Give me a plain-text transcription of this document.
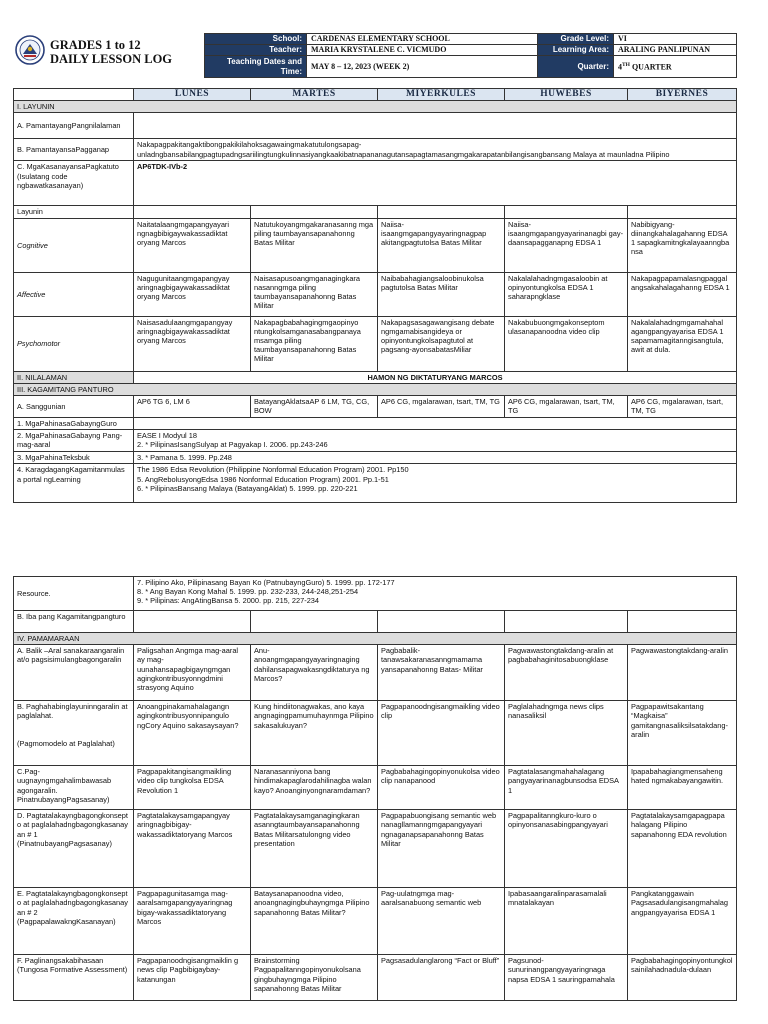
GRADES 1 to 12
DAILY LESSON LOG
School:	CARDENAS ELEMENTARY SCHOOL	Grade Level:	VI
Teacher:	MARIA KRYSTALENE C. VICMUDO	Learning Area:	ARALING PANLIPUNAN

Teaching Dates and
Time:	MAY 8 – 12, 2023 (WEEK 2)	Quarter:	4TH QUARTER
	LUNES	MARTES	MIYERKULES	HUWEBES	BIYERNES
I. LAYUNIN					
A. PamantayangPangnilalaman					
B. PamantayansaPagganap	Nakapagpakitangaktibongpakikilahoksagawaingmakatutulongsapag-unladngbansabilangpagtupadngsariilingtungkulinnasiyangkaakibatnapananagutansapagtamasangmgakarapatanbilangisangbansang Malaya at maunladna Pilipino				
C. MgaKasanayansaPagkatuto (Isulatang code ngbawatkasanayan)	AP6TDK-IVb-2				
Layunin					
Cognitive	Naitatalaangmgapangyayari ngnagbibigaywakassadiktat oryang Marcos	Natutukoyangmgakaranasanng mga piling taumbayansapanahonng Batas Militar	Naiisa-isaangmgapangyayaringnagpap akitangpagtutolsa Batas Militar	Naiisa-isaangmgapangyayarinanagbi gay-daansapagganapng EDSA 1	Nabibigyang-diinangkahalagahanng EDSA 1 sapagkamitngkalayaanngba nsa
Affective	Nagugunitaangmgapangyay aringnagbigaywakassadiktat oryang Marcos	Naisasapusoangmganagingkara nasanngmga piling taumbayansapanahonng Batas Militar	Naibabahagiangsaloobinukolsa pagtutolsa Batas Militar	Nakalalahadngmgasaloobin at opinyontungkolsa EDSA 1 saharapngklase	Nakapagpapamalasngpaggal angsakahalagahanng EDSA 1
Psychomotor	Naisasadulaangmgapangyay aringnagbigaywakassadiktat oryang Marcos	Nakapagbabahagingmgaopinyo ntungkolsamganasabangpanaya msamga piling taumbayansapanahonng Batas Militar	Nakapagsasagawangisang debate ngmgamabisangideya or opinyontungkolsapagtutol at pagsang-ayonsabatasMiliar	Nakabubuongmgakonseptom ulasanapanoodna video clip	Nakalalahadngmgamahahal agangpangyayarisa EDSA 1 sapamamagitanngisangtula, awit at dula.
II. NILALAMAN	HAMON NG DIKTATURYANG MARCOS				
III. KAGAMITANG PANTURO					
A. Sanggunian	AP6 TG 6, LM 6	BatayangAklatsaAP 6 LM, TG, CG, BOW	AP6 CG, mgalarawan, tsart, TM, TG	AP6 CG, mgalarawan, tsart, TM, TG	AP6 CG, mgalarawan, tsart, TM, TG
1. MgaPahinasaGabayngGuro					
2. MgaPahinasaGabayng Pang-mag-aaral	EASE I Modyul 18
2. * PilipinasIsangSulyap at Pagyakap I. 2006. pp.243-246				

3. MgaPahinaTeksbuk	3. * Pamana 5. 1999. Pp.248				
4. KaragdagangKagamitanmulas a portal ngLearning	The 1986 Edsa Revolution (Philippine Nonformal Education Program) 2001. Pp150
5. AngRebolusyongEdsa 1986 Nonformal Education Program) 2001. Pp.1-51
6. * PilipinasBansang Malaya (BatayangAklat) 5. 1999. pp. 220-221				
Resource.	7. Pilipino Ako, Pilipinasang Bayan Ko (PatnubayngGuro) 5. 1999. pp. 172-177
8. * Ang Bayan Kong Mahal 5. 1999. pp. 232-233, 244-248,251-254
9. * Pilipinas: AngAtingBansa 5. 2000. pp. 215, 227-234				

B. Iba pang Kagamitangpangturo					
IV. PAMAMARAAN					
A. Balik –Aral sanakaraangaralin at/o pagsisimulangbagongaralin	Paligsahan Angmga mag-aaral ay mag-uunahansapagbigayngmgan agingkontribusyonngdmini strasyong Aquino	Anu-anoangmgapangyayaringnaging dahilansapagwakasngdiktaturya ng Marcos?	Pagbabalik-tanawsakaranasanngmamama yansapanahonng Batas- Militar	Pagwawastongtakdang-aralin at pagbabahaginitosabuongklase	Pagwawastongtakdang-aralin

B. Paghahabinglayuninngaralin at paglalahat.
(Pagmomodelo at Paglalahat)	Anoangpinakamahalagangn agingkontribusyonnipangulo ngCory Aquino sakasaysayan?	Kung hindiitonagwakas, ano kaya angnagingpamumuhaynmga Pilipino sakasalukuyan?	Pagpapanoodngisangmaikling video clip	Paglalahadngmga news clips nanasaliksil	Pagpapawitsakantang “Magkaisa” gamitangnasaliksilsatakdang-aralin
C.Pag-uugnayngmgahalimbawasab agongaralin. PinatnubayangPagsasanay)	Pagpapakitangisangmaikling video clip tungkolsa EDSA Revolution 1	Naranasanniyona bang hindimakapaglarodahilinagba walan kayo? Anoanginyongnaramdaman?	Pagbabahagingopinyonukolsa video clip nanapanood	Pagtatalasangmahahalagang pangyayarinanagbunsodsa EDSA 1	Ipapabahagiangmensaheng hated ngmakabayangawitin.
D. Pagtatalakayngbagongkonsept o at paglalahadngbagongkasanay an # 1 (PinatnubayangPagsasanay)	Pagtatalakaysamgapangyay aringnagbibigay-wakassadiktatoryang Marcos	Pagtatalakaysamganagingkaran asanngtaumbayansapanahonng Batas Militarsatulongng video presentation	Pagpapabuongisang semantic web nanagllamanngmgapangyayari ngnaganapsapanahonng Batas Militar	Pagpapalitanngkuro-kuro o opinyonsanasabingpangyayari	Pagtatalakaysamgapagpapa halagang Pilipino sapanahonng EDA revolution
E. Pagtatalakayngbagongkonsept o at paglalahadngbagongkasanay an # 2 (PagpapalawakngKasanayan)	Pagpapagunitasamga mag-aaralsamgapangyayaringnag bigay-wakassadiktatoryang Marcos	Bataysanapanoodna video, anoangnagingbuhayngmga Pilipino sapanahonng Batas Militar?	Pag-uulatngmga mag-aaralsanabuong semantic web	Ipabasaangaralinparasamalali mnatalakayan	Pangkatanggawain Pagsasadulangisangmahalag angpangyayarisa EDSA 1
F. Paglinangsakabihasaan (Tungosa Formative Assessment)	Pagpapanoodngisangmaiklin g news clip Pagbibigaybay-katanungan	Brainstorming Pagpapalitanngopinyonukolsana gingbuhayngmga Pilipino sapanahonng Batas Militar	Pagsasadulanglarong “Fact or Bluff”	Pagsunod-sunurinangpangyayaringnaga napsa EDSA 1 sauringpamahala	Pagbabahagingopinyontungkol sainilahadnadula-dulaan
